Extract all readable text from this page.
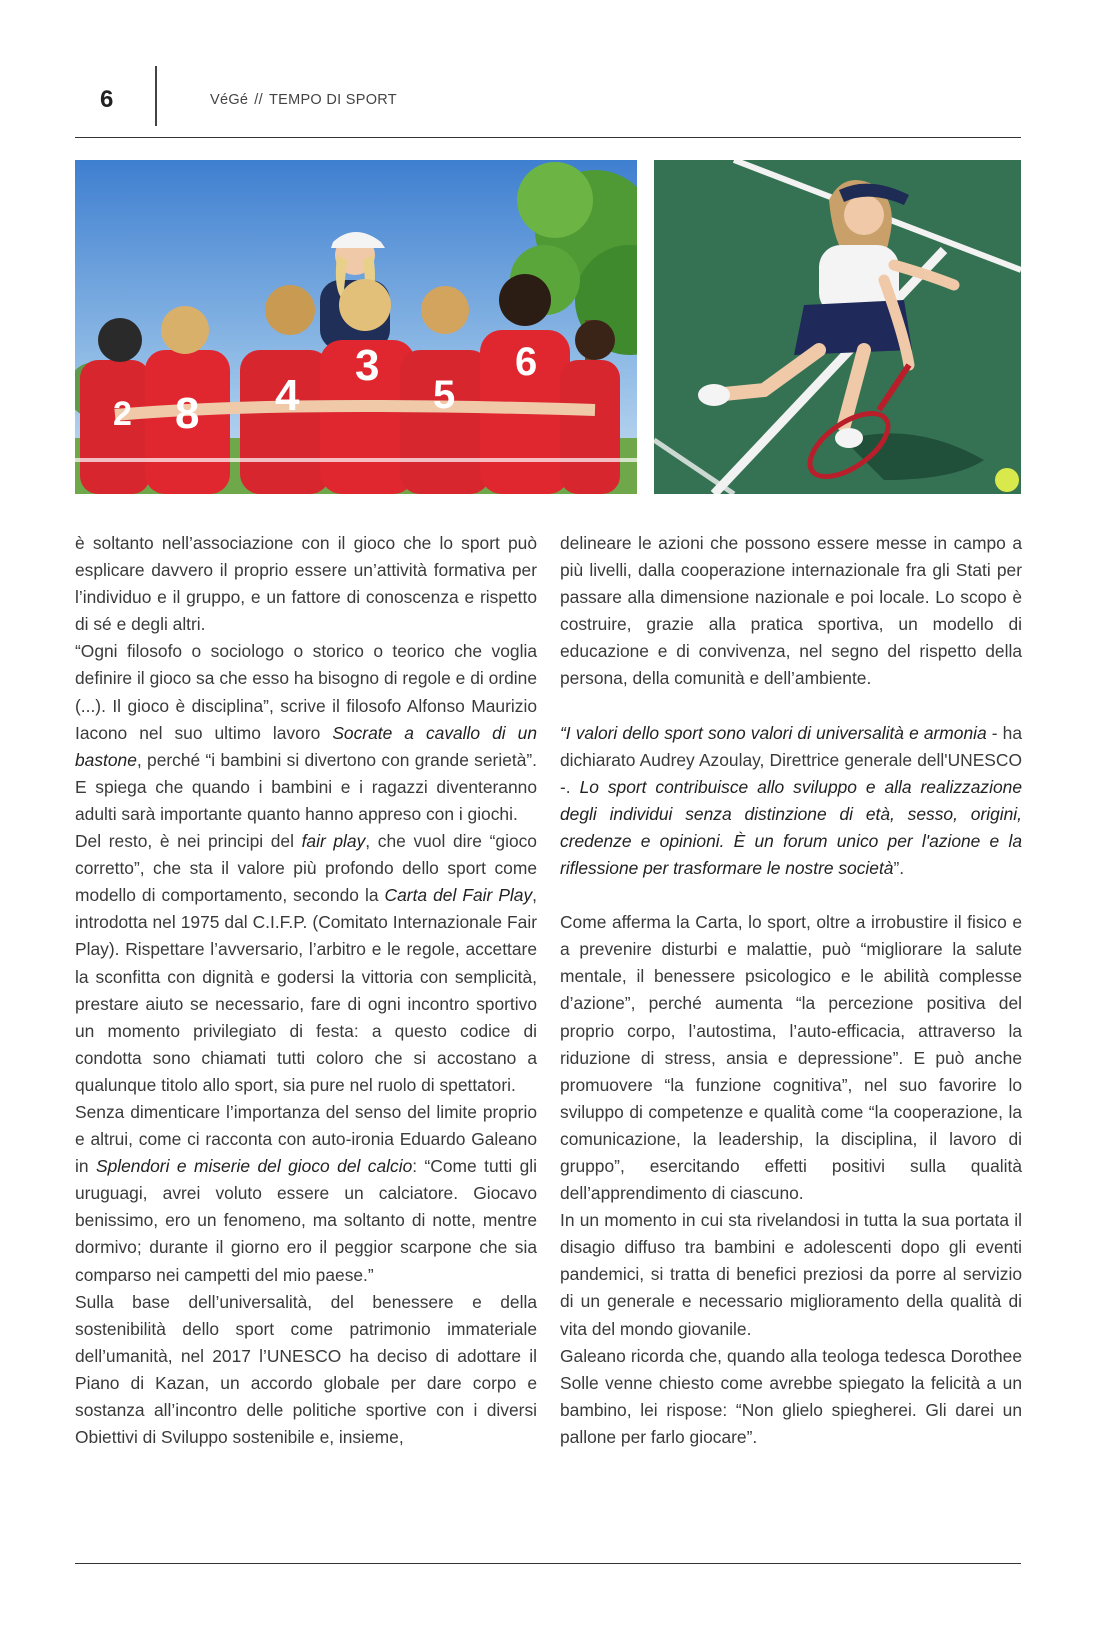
6	VéGé // TEMPO DI SPORT
2 8 4
3
5
6

è soltanto nell’associazione con il gioco che lo sport può esplicare davvero il proprio essere un’attività formativa per l’individuo e il gruppo, e un fattore di conoscenza e rispetto di sé e degli altri.

“Ogni filosofo o sociologo o storico o teorico che voglia definire il gioco sa che esso ha bisogno di regole e di ordine (...). Il gioco è disciplina”, scrive il filosofo Alfonso Maurizio Iacono nel suo ultimo lavoro Socrate a cavallo di un bastone, perché “i bambini si divertono con grande serietà”. E spiega che quando i bambini e i ragazzi diventeranno adulti sarà importante quanto hanno appreso con i giochi.

Del resto, è nei principi del fair play, che vuol dire “gioco corretto”, che sta il valore più profondo dello sport come modello di comportamento, secondo la Carta del Fair Play, introdotta nel 1975 dal C.I.F.P. (Comitato Internazionale Fair Play). Rispettare l’avversario, l’arbitro e le regole, accettare la sconfitta con dignità e godersi la vittoria con semplicità, prestare aiuto se necessario, fare di ogni incontro sportivo un momento privilegiato di festa: a questo codice di condotta sono chiamati tutti coloro che si accostano a qualunque titolo allo sport, sia pure nel ruolo di spettatori.

Senza dimenticare l’importanza del senso del limite proprio e altrui, come ci racconta con auto-ironia Eduardo Galeano in Splendori e miserie del gioco del calcio: “Come tutti gli uruguagi, avrei voluto essere un calciatore. Giocavo benissimo, ero un fenomeno, ma soltanto di notte, mentre dormivo; durante il giorno ero il peggior scarpone che sia comparso nei campetti del mio paese.”

Sulla base dell’universalità, del benessere e della sostenibilità dello sport come patrimonio immateriale dell’umanità, nel 2017 l’UNESCO ha deciso di adottare il Piano di Kazan, un accordo globale per dare corpo e sostanza all’incontro delle politiche sportive con i diversi Obiettivi di Sviluppo sostenibile e, insieme,

delineare le azioni che possono essere messe in campo a più livelli, dalla cooperazione internazionale fra gli Stati per passare alla dimensione nazionale e poi locale. Lo scopo è costruire, grazie alla pratica sportiva, un modello di educazione e di convivenza, nel segno del rispetto della persona, della comunità e dell’ambiente.

“I valori dello sport sono valori di universalità e armonia - ha dichiarato Audrey Azoulay, Direttrice generale dell'UNESCO -. Lo sport contribuisce allo sviluppo e alla realizzazione degli individui senza distinzione di età, sesso, origini, credenze e opinioni. È un forum unico per l'azione e la riflessione per trasformare le nostre società”.

Come afferma la Carta, lo sport, oltre a irrobustire il fisico e a prevenire disturbi e malattie, può “migliorare la salute mentale, il benessere psicologico e le abilità complesse d’azione”, perché aumenta “la percezione positiva del proprio corpo, l’autostima, l’auto-efficacia, attraverso la riduzione di stress, ansia e depressione”. E può anche promuovere “la funzione cognitiva”, nel suo favorire lo sviluppo di competenze e qualità come “la cooperazione, la comunicazione, la leadership, la disciplina, il lavoro di gruppo”, esercitando effetti positivi sulla qualità dell’apprendimento di ciascuno.

In un momento in cui sta rivelandosi in tutta la sua portata il disagio diffuso tra bambini e adolescenti dopo gli eventi pandemici, si tratta di benefici preziosi da porre al servizio di un generale e necessario miglioramento della qualità di vita del mondo giovanile.

Galeano ricorda che, quando alla teologa tedesca Dorothee Solle venne chiesto come avrebbe spiegato la felicità a un bambino, lei rispose: “Non glielo spiegherei. Gli darei un pallone per farlo giocare”.
